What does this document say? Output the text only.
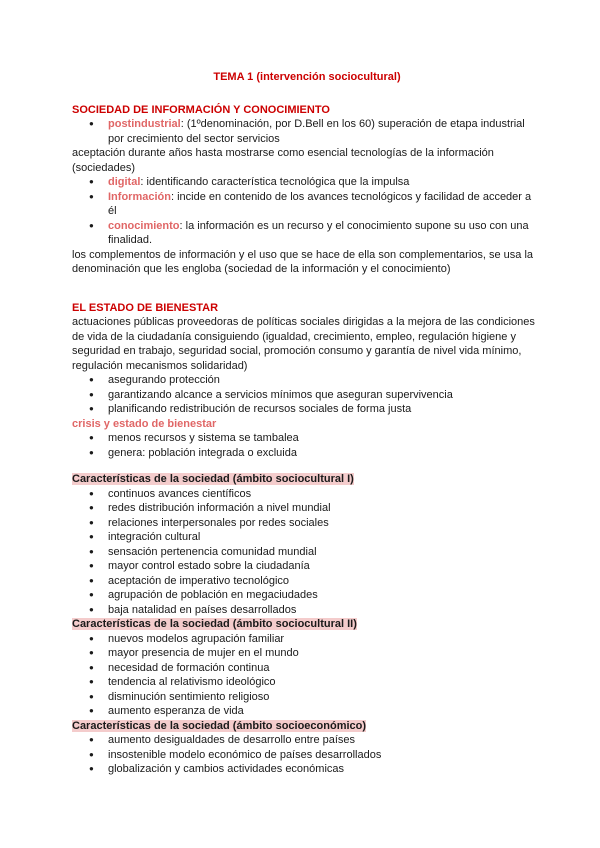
TEMA 1 (intervención sociocultural)
SOCIEDAD DE INFORMACIÓN Y CONOCIMIENTO
● postindustrial: (1ºdenominación, por D.Bell en los 60) superación de etapa industrial por crecimiento del sector servicios

aceptación durante años hasta mostrarse como esencial tecnologías de la información (sociedades)

● digital: identificando característica tecnológica que la impulsa
● Información: incide en contenido de los avances tecnológicos y facilidad de acceder a él
● conocimiento: la información es un recurso y el conocimiento supone su uso con una finalidad.

los complementos de información y el uso que se hace de ella son complementarios, se usa la denominación que les engloba (sociedad de la información y el conocimiento)

EL ESTADO DE BIENESTAR

actuaciones públicas proveedoras de políticas sociales dirigidas a la mejora de las condiciones de vida de la ciudadanía consiguiendo (igualdad, crecimiento, empleo, regulación higiene y seguridad en trabajo, seguridad social, promoción consumo y garantía de nivel vida mínimo, regulación mecanismos solidaridad)

● asegurando protección
● garantizando alcance a servicios mínimos que aseguran supervivencia
● planificando redistribución de recursos sociales de forma justa
crisis y estado de bienestar
● menos recursos y sistema se tambalea
● genera: población integrada o excluida
Características de la sociedad (ámbito sociocultural I)
● continuos avances científicos
● redes distribución información a nivel mundial
● relaciones interpersonales por redes sociales
● integración cultural
● sensación pertenencia comunidad mundial
● mayor control estado sobre la ciudadanía
● aceptación de imperativo tecnológico
● agrupación de población en megaciudades
● baja natalidad en países desarrollados
Características de la sociedad (ámbito sociocultural II)
● nuevos modelos agrupación familiar
● mayor presencia de mujer en el mundo
● necesidad de formación continua
● tendencia al relativismo ideológico
● disminución sentimiento religioso
● aumento esperanza de vida
Características de la sociedad (ámbito socioeconómico)
● aumento desigualdades de desarrollo entre países
● insostenible modelo económico de países desarrollados
● globalización y cambios actividades económicas
